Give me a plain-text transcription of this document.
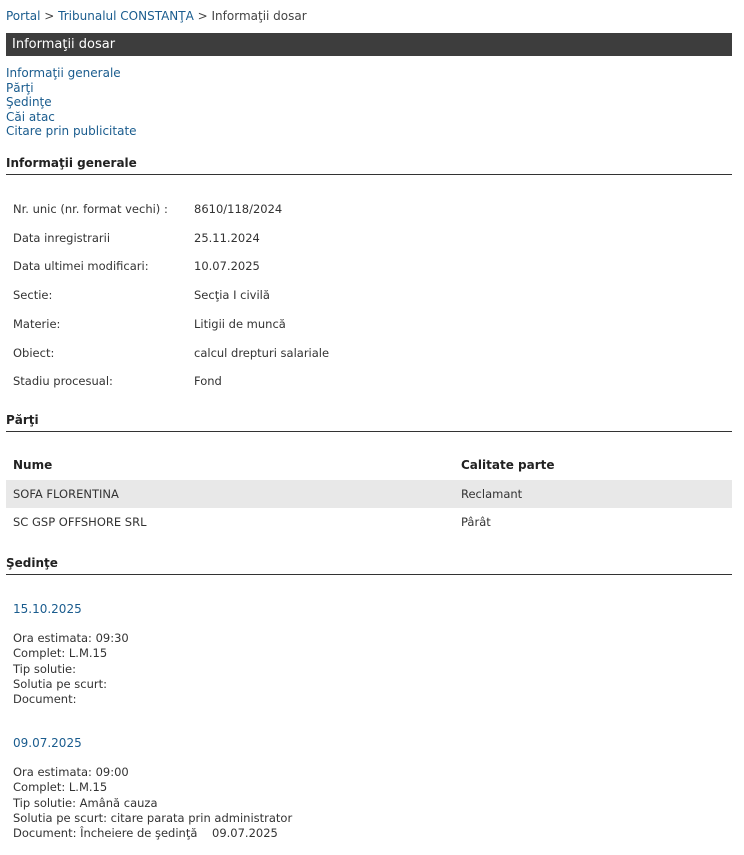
Portal > Tribunalul CONSTANŢA > Informaţii dosar
Informaţii dosar
Informaţii generale
Părţi
Şedinţe
Căi atac
Citare prin publicitate
Informaţii generale
Nr. unic (nr. format vechi) : 8610/118/2024
Data inregistrarii	25.11.2024
Data ultimei modificari:	10.07.2025
Sectie:	Secţia I civilă
Materie:	Litigii de muncă
Obiect:	calcul drepturi salariale
Stadiu procesual:	Fond
Părţi
Nume	Calitate parte
SOFA FLORENTINA	Reclamant
SC GSP OFFSHORE SRL	Pârât
Şedinţe
15.10.2025
Ora estimata: 09:30
Complet: L.M.15
Tip solutie:
Solutia pe scurt:
Document:
09.07.2025
Ora estimata: 09:00
Complet: L.M.15
Tip solutie: Amână cauza
Solutia pe scurt: citare parata prin administrator
Document: Încheiere de şedinţă    09.07.2025
